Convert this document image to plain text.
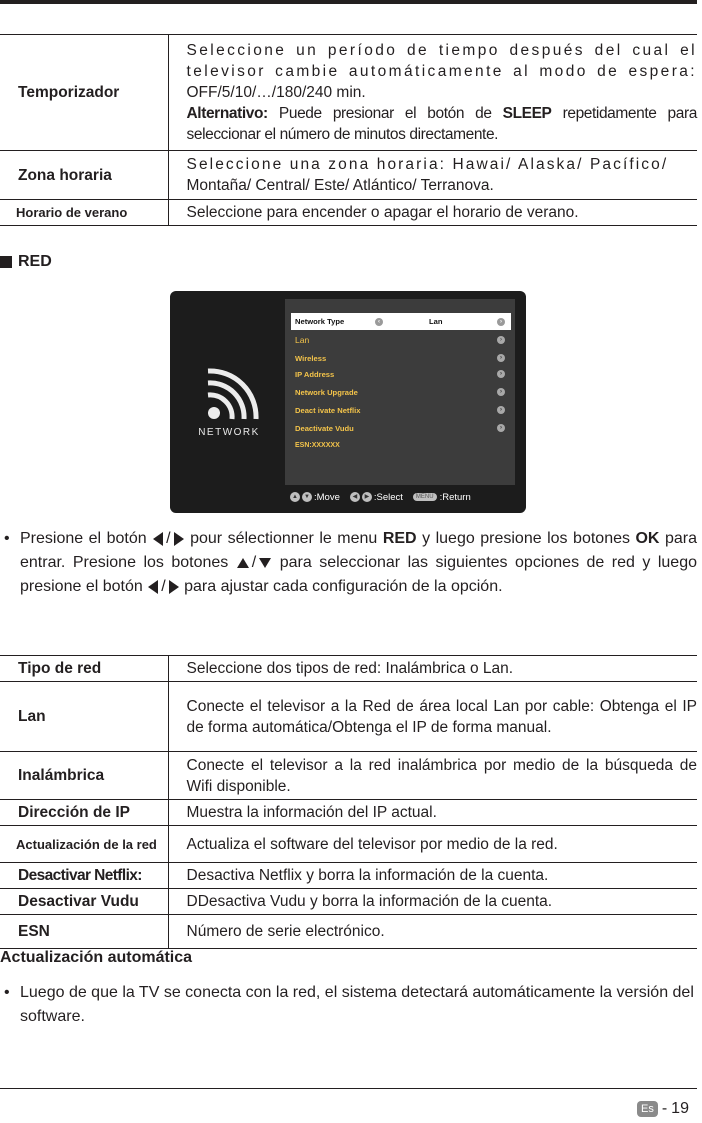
Temporizador	Seleccione un período de tiempo después del cual el televisor cambie automáticamente al modo de espera: OFF/5/10/…/180/240 min.
Alternativo: Puede presionar el botón de SLEEP repetidamente para seleccionar el número de minutos directamente.
Zona horaria	Seleccione una zona horaria: Hawai/ Alaska/ Pacífico/
Montaña/ Central/ Este/ Atlántico/ Terranova.
Horario de verano	Seleccione para encender o apagar el horario de verano.
RED
NETWORK
Network Type	‹	Lan	›
Lan	›
Wireless	›
IP Address	›
Network Upgrade	›
Deact ivate Netflix	›
Deactivate Vudu	›
ESN:XXXXXX
▲	▼ :Move	◀	▶ :Select	MENU :Return
• Presione el botón / pour sélectionner le menu RED y luego presione los botones OK para entrar. Presione los botones / para seleccionar las siguientes opciones de red y luego presione el botón / para ajustar cada configuración de la opción.
Tipo de red	Seleccione dos tipos de red: Inalámbrica o Lan.
Lan	Conecte el televisor a la Red de área local Lan por cable: Obtenga el IP de forma automática/Obtenga el IP de forma manual.
Inalámbrica	Conecte el televisor a la red inalámbrica por medio de la búsqueda de Wifi disponible.
Dirección de IP	Muestra la información del IP actual.
Actualización de la red	Actualiza el software del televisor por medio de la red.
Desactivar Netflix:	Desactiva Netflix y borra la información de la cuenta.
Desactivar Vudu	DDesactiva Vudu y borra la información de la cuenta.
ESN	Número de serie electrónico.
Actualización automática
• Luego de que la TV se conecta con la red, el sistema detectará automáticamente la versión del software.
Es - 19
